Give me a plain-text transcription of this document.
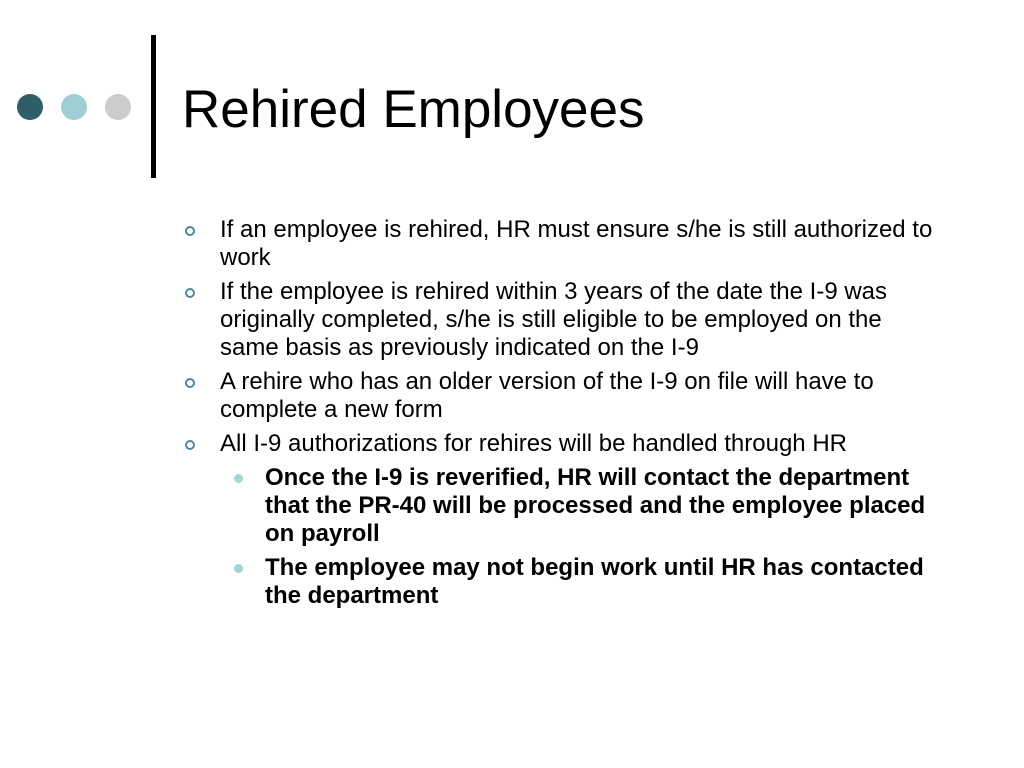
Rehired Employees
If an employee is rehired, HR must ensure s/he is still authorized to work
If the employee is rehired within 3 years of the date the I-9 was originally completed, s/he is still eligible to be employed on the same basis as previously indicated on the I-9
A rehire who has an older version of the I-9 on file will have to complete a new form
All I-9 authorizations for rehires will be handled through HR
Once the I-9 is reverified, HR will contact the department that the PR-40 will be processed and the employee placed on payroll
The employee may not begin work until HR has contacted the department
